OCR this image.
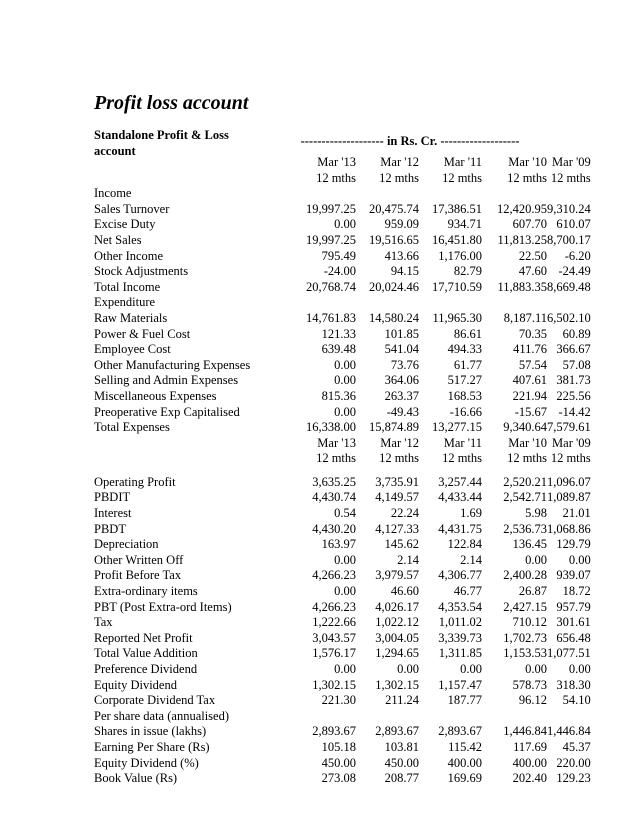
Profit loss account
Standalone Profit & Loss account
-------------------- in Rs. Cr. -------------------
	Mar '13	Mar '12	Mar '11	Mar '10	Mar '09
	12 mths	12 mths	12 mths	12 mths	12 mths
Income					
Sales Turnover	19,997.25	20,475.74	17,386.51	12,420.95	9,310.24
Excise Duty	0.00	959.09	934.71	607.70	610.07
Net Sales	19,997.25	19,516.65	16,451.80	11,813.25	8,700.17
Other Income	795.49	413.66	1,176.00	22.50	-6.20
Stock Adjustments	-24.00	94.15	82.79	47.60	-24.49
Total Income	20,768.74	20,024.46	17,710.59	11,883.35	8,669.48
Expenditure					
Raw Materials	14,761.83	14,580.24	11,965.30	8,187.11	6,502.10
Power & Fuel Cost	121.33	101.85	86.61	70.35	60.89
Employee Cost	639.48	541.04	494.33	411.76	366.67
Other Manufacturing Expenses	0.00	73.76	61.77	57.54	57.08
Selling and Admin Expenses	0.00	364.06	517.27	407.61	381.73
Miscellaneous Expenses	815.36	263.37	168.53	221.94	225.56
Preoperative Exp Capitalised	0.00	-49.43	-16.66	-15.67	-14.42
Total Expenses	16,338.00	15,874.89	13,277.15	9,340.64	7,579.61
	Mar '13	Mar '12	Mar '11	Mar '10	Mar '09
	12 mths	12 mths	12 mths	12 mths	12 mths

Operating Profit	3,635.25	3,735.91	3,257.44	2,520.21	1,096.07
PBDIT	4,430.74	4,149.57	4,433.44	2,542.71	1,089.87
Interest	0.54	22.24	1.69	5.98	21.01
PBDT	4,430.20	4,127.33	4,431.75	2,536.73	1,068.86
Depreciation	163.97	145.62	122.84	136.45	129.79
Other Written Off	0.00	2.14	2.14	0.00	0.00
Profit Before Tax	4,266.23	3,979.57	4,306.77	2,400.28	939.07
Extra-ordinary items	0.00	46.60	46.77	26.87	18.72
PBT (Post Extra-ord Items)	4,266.23	4,026.17	4,353.54	2,427.15	957.79
Tax	1,222.66	1,022.12	1,011.02	710.12	301.61
Reported Net Profit	3,043.57	3,004.05	3,339.73	1,702.73	656.48
Total Value Addition	1,576.17	1,294.65	1,311.85	1,153.53	1,077.51
Preference Dividend	0.00	0.00	0.00	0.00	0.00
Equity Dividend	1,302.15	1,302.15	1,157.47	578.73	318.30
Corporate Dividend Tax	221.30	211.24	187.77	96.12	54.10
Per share data (annualised)					
Shares in issue (lakhs)	2,893.67	2,893.67	2,893.67	1,446.84	1,446.84
Earning Per Share (Rs)	105.18	103.81	115.42	117.69	45.37
Equity Dividend (%)	450.00	450.00	400.00	400.00	220.00
Book Value (Rs)	273.08	208.77	169.69	202.40	129.23
